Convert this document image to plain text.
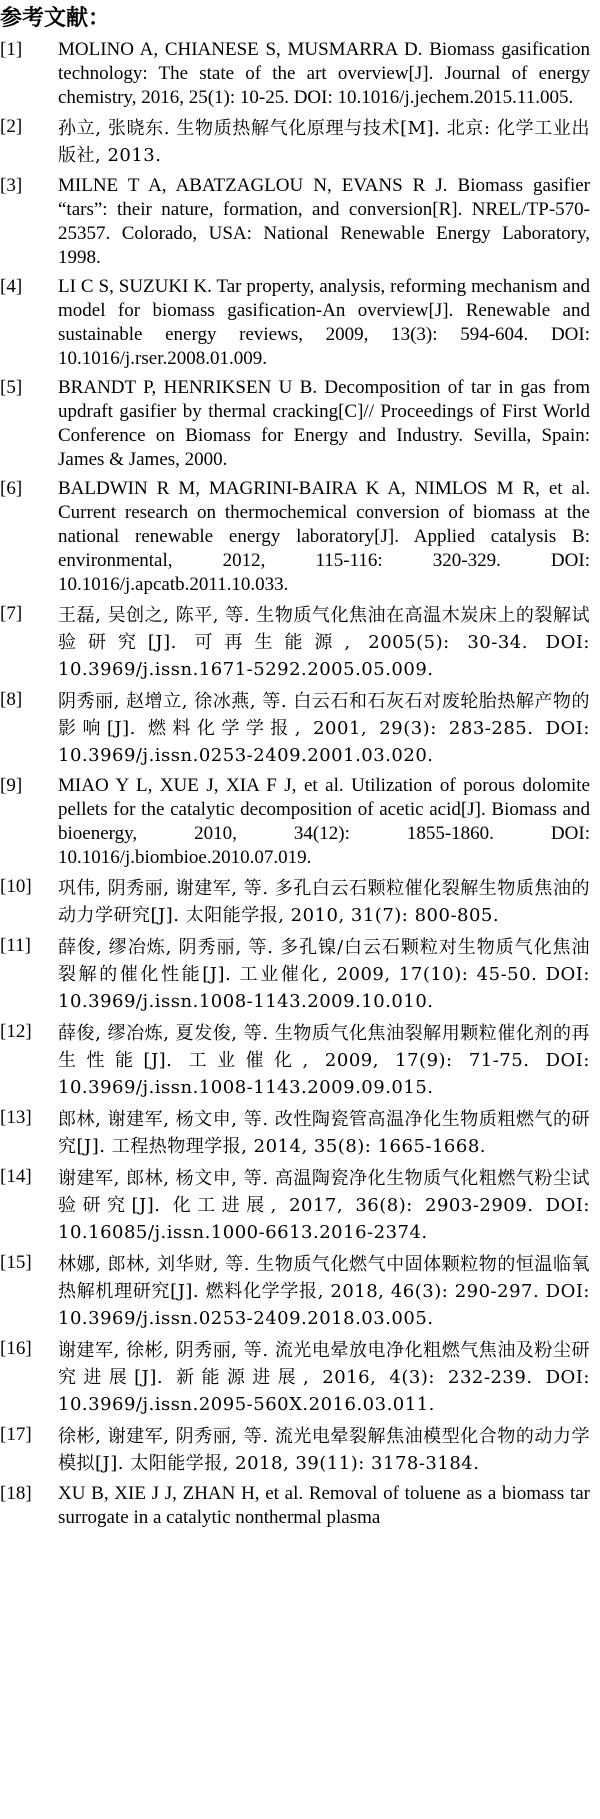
参考文献：
[1]	MOLINO A, CHIANESE S, MUSMARRA D. Biomass gasification technology: The state of the art overview[J]. Journal of energy chemistry, 2016, 25(1): 10-25. DOI: 10.1016/j.jechem.2015.11.005.
[2]	孙立, 张晓东. 生物质热解气化原理与技术[M]. 北京: 化学工业出版社, 2013.
[3]	MILNE T A, ABATZAGLOU N, EVANS R J. Biomass gasifier “tars”: their nature, formation, and conversion[R]. NREL/TP-570-25357. Colorado, USA: National Renewable Energy Laboratory, 1998.
[4]	LI C S, SUZUKI K. Tar property, analysis, reforming mechanism and model for biomass gasification-An overview[J]. Renewable and sustainable energy reviews, 2009, 13(3): 594-604. DOI: 10.1016/j.rser.2008.01.009.
[5]	BRANDT P, HENRIKSEN U B. Decomposition of tar in gas from updraft gasifier by thermal cracking[C]// Proceedings of First World Conference on Biomass for Energy and Industry. Sevilla, Spain: James & James, 2000.
[6]	BALDWIN R M, MAGRINI-BAIRA K A, NIMLOS M R, et al. Current research on thermochemical conversion of biomass at the national renewable energy laboratory[J]. Applied catalysis B: environmental, 2012, 115-116: 320-329. DOI: 10.1016/j.apcatb.2011.10.033.
[7]	王磊, 吴创之, 陈平, 等. 生物质气化焦油在高温木炭床上的裂解试验研究[J]. 可再生能源, 2005(5): 30-34. DOI: 10.3969/j.issn.1671-5292.2005.05.009.
[8]	阴秀丽, 赵增立, 徐冰燕, 等. 白云石和石灰石对废轮胎热解产物的影响[J]. 燃料化学学报, 2001, 29(3): 283-285. DOI: 10.3969/j.issn.0253-2409.2001.03.020.
[9]	MIAO Y L, XUE J, XIA F J, et al. Utilization of porous dolomite pellets for the catalytic decomposition of acetic acid[J]. Biomass and bioenergy, 2010, 34(12): 1855-1860. DOI: 10.1016/j.biombioe.2010.07.019.
[10]	巩伟, 阴秀丽, 谢建军, 等. 多孔白云石颗粒催化裂解生物质焦油的动力学研究[J]. 太阳能学报, 2010, 31(7): 800-805.
[11]	薛俊, 缪冶炼, 阴秀丽, 等. 多孔镍/白云石颗粒对生物质气化焦油裂解的催化性能[J]. 工业催化, 2009, 17(10): 45-50. DOI: 10.3969/j.issn.1008-1143.2009.10.010.
[12]	薛俊, 缪冶炼, 夏发俊, 等. 生物质气化焦油裂解用颗粒催化剂的再生性能[J]. 工业催化, 2009, 17(9): 71-75. DOI: 10.3969/j.issn.1008-1143.2009.09.015.
[13]	郎林, 谢建军, 杨文申, 等. 改性陶瓷管高温净化生物质粗燃气的研究[J]. 工程热物理学报, 2014, 35(8): 1665-1668.
[14]	谢建军, 郎林, 杨文申, 等. 高温陶瓷净化生物质气化粗燃气粉尘试验研究[J]. 化工进展, 2017, 36(8): 2903-2909. DOI: 10.16085/j.issn.1000-6613.2016-2374.
[15]	林娜, 郎林, 刘华财, 等. 生物质气化燃气中固体颗粒物的恒温临氧热解机理研究[J]. 燃料化学学报, 2018, 46(3): 290-297. DOI: 10.3969/j.issn.0253-2409.2018.03.005.
[16]	谢建军, 徐彬, 阴秀丽, 等. 流光电晕放电净化粗燃气焦油及粉尘研究进展[J]. 新能源进展, 2016, 4(3): 232-239. DOI: 10.3969/j.issn.2095-560X.2016.03.011.
[17]	徐彬, 谢建军, 阴秀丽, 等. 流光电晕裂解焦油模型化合物的动力学模拟[J]. 太阳能学报, 2018, 39(11): 3178-3184.
[18]	XU B, XIE J J, ZHAN H, et al. Removal of toluene as a biomass tar surrogate in a catalytic nonthermal plasma
